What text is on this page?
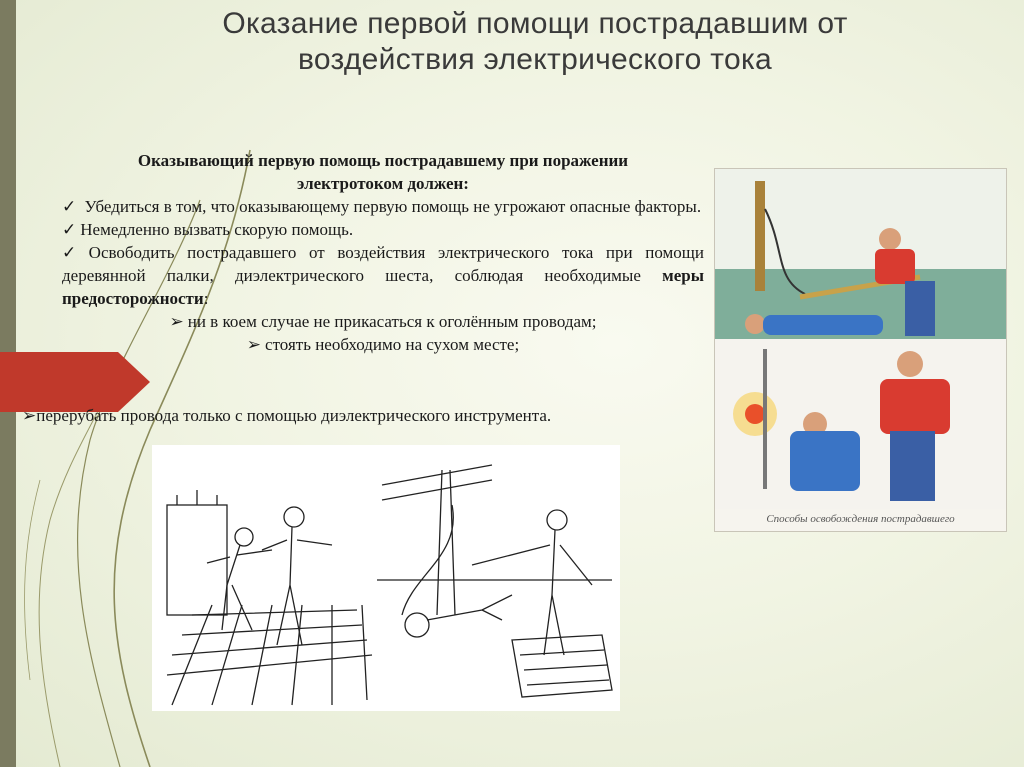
Оказание первой помощи пострадавшим от
воздействия электрического тока
Оказывающий первую помощь пострадавшему при поражении
электротоком должен:
✓ Убедиться в том, что оказывающему первую помощь не угрожают опасные факторы.
✓ Немедленно вызвать скорую помощь.
✓ Освободить пострадавшего от воздействия электрического тока при помощи деревянной палки, диэлектрического шеста, соблюдая необходимые меры предосторожности:
➢ ни в коем случае не прикасаться к оголённым проводам;
➢ стоять необходимо на сухом месте;
➢перерубать провода только с помощью диэлектрического инструмента.
Способы освобождения пострадавшего
